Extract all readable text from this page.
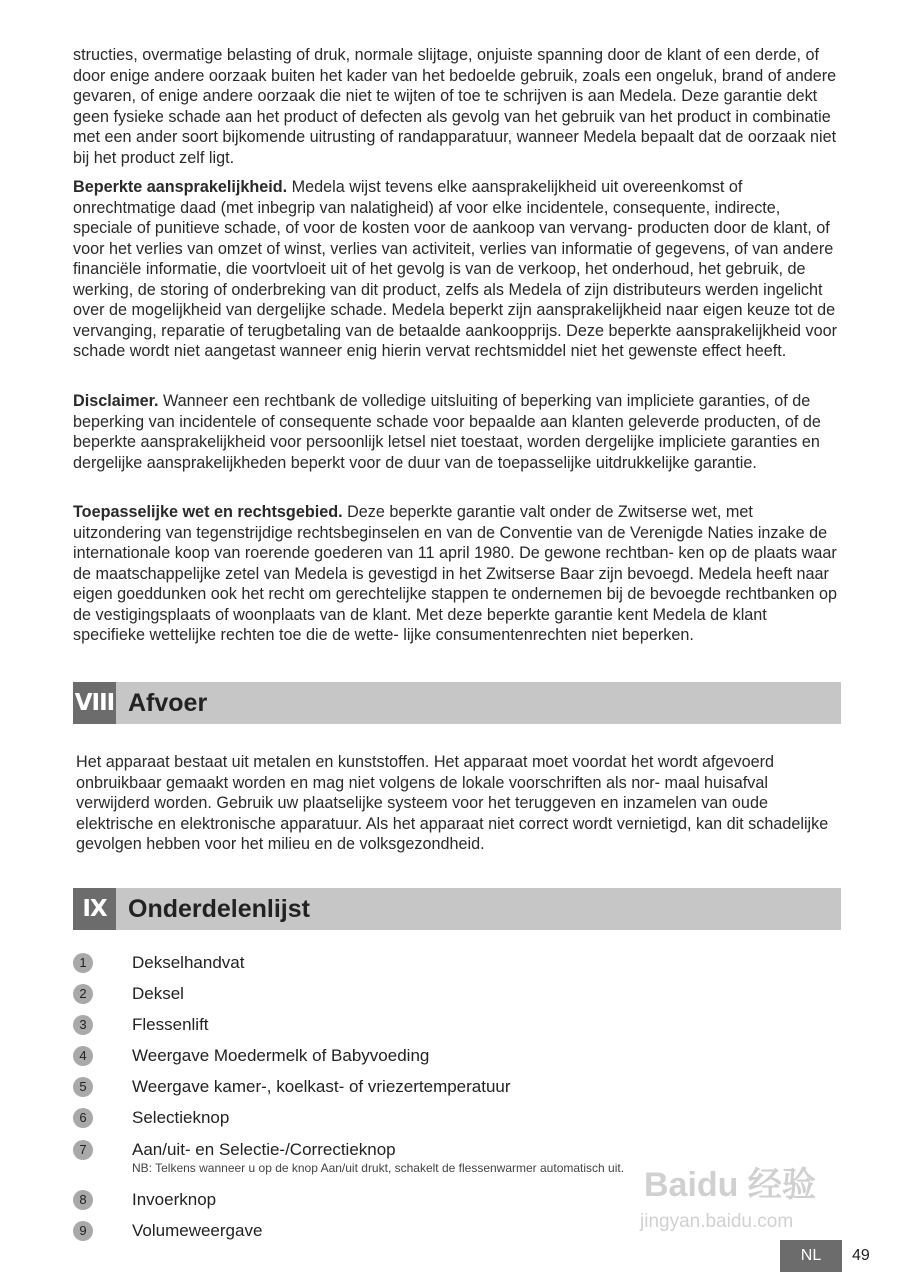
structies, overmatige belasting of druk, normale slijtage, onjuiste spanning door de klant of een derde, of door enige andere oorzaak buiten het kader van het bedoelde gebruik, zoals een ongeluk, brand of andere gevaren, of enige andere oorzaak die niet te wijten of toe te schrijven is aan Medela. Deze garantie dekt geen fysieke schade aan het product of defecten als gevolg van het gebruik van het product in combinatie met een ander soort bijkomende uitrusting of randapparatuur, wanneer Medela bepaalt dat de oorzaak niet bij het product zelf ligt.

Beperkte aansprakelijkheid. Medela wijst tevens elke aansprakelijkheid uit overeenkomst of onrechtmatige daad (met inbegrip van nalatigheid) af voor elke incidentele, consequente, indirecte, speciale of punitieve schade, of voor de kosten voor de aankoop van vervang- producten door de klant, of voor het verlies van omzet of winst, verlies van activiteit, verlies van informatie of gegevens, of van andere financiële informatie, die voortvloeit uit of het gevolg is van de verkoop, het onderhoud, het gebruik, de werking, de storing of onderbreking van dit product, zelfs als Medela of zijn distributeurs werden ingelicht over de mogelijkheid van dergelijke schade. Medela beperkt zijn aansprakelijkheid naar eigen keuze tot de vervanging, reparatie of terugbetaling van de betaalde aankoopprijs. Deze beperkte aansprakelijkheid voor schade wordt niet aangetast wanneer enig hierin vervat rechtsmiddel niet het gewenste effect heeft.

Disclaimer. Wanneer een rechtbank de volledige uitsluiting of beperking van impliciete garanties, of de beperking van incidentele of consequente schade voor bepaalde aan klanten geleverde producten, of de beperkte aansprakelijkheid voor persoonlijk letsel niet toestaat, worden dergelijke impliciete garanties en dergelijke aansprakelijkheden beperkt voor de duur van de toepasselijke uitdrukkelijke garantie.

Toepasselijke wet en rechtsgebied. Deze beperkte garantie valt onder de Zwitserse wet, met uitzondering van tegenstrijdige rechtsbeginselen en van de Conventie van de Verenigde Naties inzake de internationale koop van roerende goederen van 11 april 1980. De gewone rechtban- ken op de plaats waar de maatschappelijke zetel van Medela is gevestigd in het Zwitserse Baar zijn bevoegd. Medela heeft naar eigen goeddunken ook het recht om gerechtelijke stappen te ondernemen bij de bevoegde rechtbanken op de vestigingsplaats of woonplaats van de klant. Met deze beperkte garantie kent Medela de klant specifieke wettelijke rechten toe die de wette- lijke consumentenrechten niet beperken.

VIII Afvoer

Het apparaat bestaat uit metalen en kunststoffen. Het apparaat moet voordat het wordt afgevoerd onbruikbaar gemaakt worden en mag niet volgens de lokale voorschriften als nor- maal huisafval verwijderd worden. Gebruik uw plaatselijke systeem voor het teruggeven en inzamelen van oude elektrische en elektronische apparatuur. Als het apparaat niet correct wordt vernietigd, kan dit schadelijke gevolgen hebben voor het milieu en de volksgezondheid.

IX Onderdelenlijst
1	Dekselhandvat
2	Deksel
3	Flessenlift
4	Weergave Moedermelk of Babyvoeding
5	Weergave kamer-, koelkast- of vriezertemperatuur
6	Selectieknop
7	Aan/uit- en Selectie-/Correctieknop
NB: Telkens wanneer u op de knop Aan/uit drukt, schakelt de flessenwarmer automatisch uit.
8	Invoerknop
9	Volumeweergave
Baidu 经验
jingyan.baidu.com
NL	49
